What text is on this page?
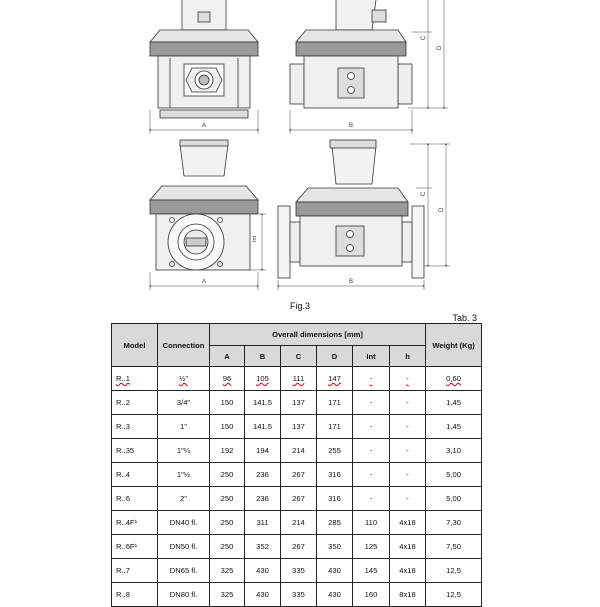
A	B
C
D
A
Int
B
C
D
Fig.3
Tab. 3
Model	Connection	Overall dimensions [mm]						Weight (Kg)
		A	B	C	D	Int	h	
R..1	½"	96	105	111	147	-	-	0,60
R..2	3/4"	150	141.5	137	171	-	-	1,45
R..3	1"	150	141.5	137	171	-	-	1,45
R..35	1"¼	192	194	214	255	-	-	3,10
R..4	1"½	250	236	267	316	-	-	5,00
R..6	2"	250	236	267	316	-	-	5,00
R..4F¹	DN40 fl.	250	311	214	285	110	4x18	7,30
R..6F¹	DN50 fl.	250	352	267	350	125	4x18	7,50
R..7	DN65 fl.	325	430	335	430	145	4x18	12,5
R..8	DN80 fl.	325	430	335	430	160	8x18	12,5
